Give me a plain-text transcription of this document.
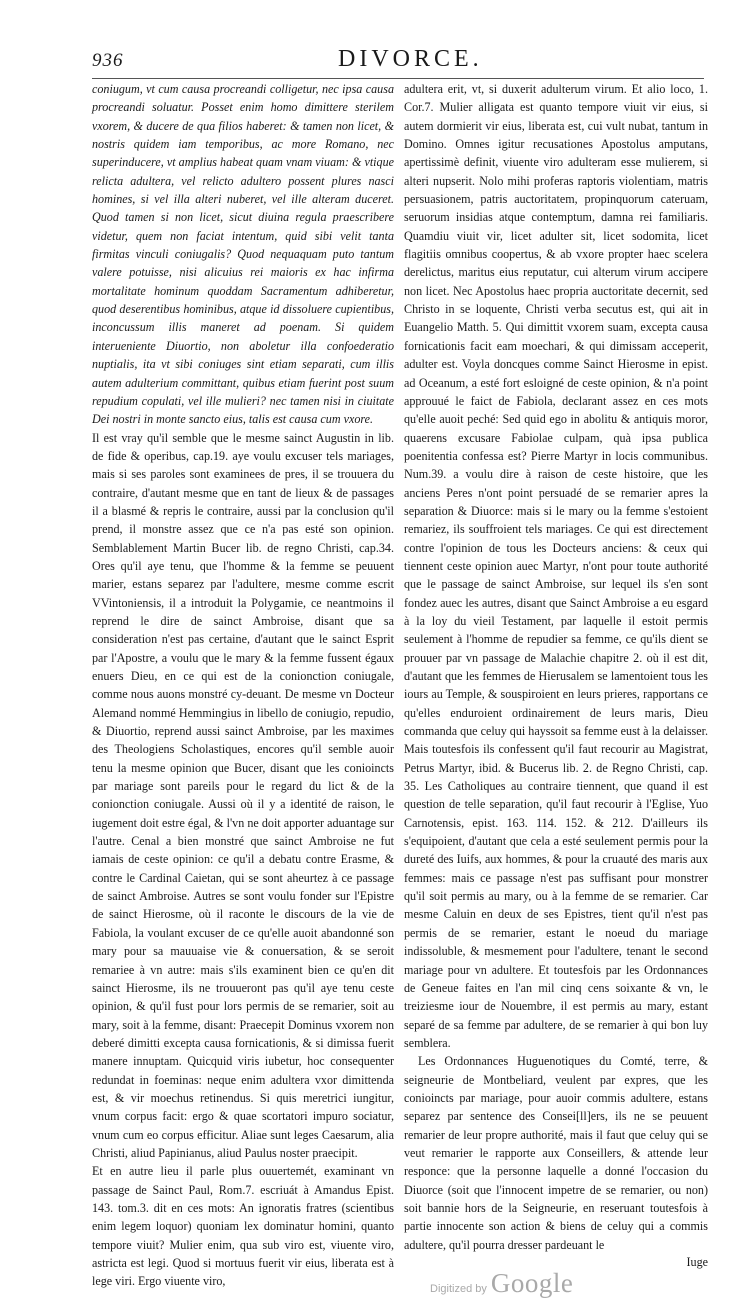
936	DIVORCE.

coniugum, vt cum causa procreandi colligetur, nec ipsa causa procreandi soluatur. Posset enim homo dimittere sterilem vxorem, & ducere de qua filios haberet: & tamen non licet, & nostris quidem iam temporibus, ac more Romano, nec superinducere, vt amplius habeat quam vnam viuam: & vtique relicta adultera, vel relicto adultero possent plures nasci homines, si vel illa alteri nuberet, vel ille alteram duceret. Quod tamen si non licet, sicut diuina regula praescribere videtur, quem non faciat intentum, quid sibi velit tanta firmitas vinculi coniugalis? Quod nequaquam puto tantum valere potuisse, nisi alicuius rei maioris ex hac infirma mortalitate hominum quoddam Sacramentum adhiberetur, quod deserentibus hominibus, atque id dissoluere cupientibus, inconcussum illis maneret ad poenam. Si quidem interueniente Diuortio, non aboletur illa confoederatio nuptialis, ita vt sibi coniuges sint etiam separati, cum illis autem adulterium committant, quibus etiam fuerint post suum repudium copulati, vel ille mulieri? nec tamen nisi in ciuitate Dei nostri in monte sancto eius, talis est causa cum vxore.

Il est vray qu'il semble que le mesme sainct Augustin in lib. de fide & operibus, cap.19. aye voulu excuser tels mariages, mais si ses paroles sont examinees de pres, il se trouuera du contraire, d'autant mesme que en tant de lieux & de passages il a blasmé & repris le contraire, aussi par la conclusion qu'il prend, il monstre assez que ce n'a pas esté son opinion. Semblablement Martin Bucer lib. de regno Christi, cap.34. Ores qu'il aye tenu, que l'homme & la femme se peuuent marier, estans separez par l'adultere, mesme comme escrit VVintoniensis, il a introduit la Polygamie, ce neantmoins il reprend le dire de sainct Ambroise, disant que sa consideration n'est pas certaine, d'autant que le sainct Esprit par l'Apostre, a voulu que le mary & la femme fussent égaux enuers Dieu, en ce qui est de la conionction coniugale, comme nous auons monstré cy-deuant. De mesme vn Docteur Alemand nommé Hemmingius in libello de coniugio, repudio, & Diuortio, reprend aussi sainct Ambroise, par les maximes des Theologiens Scholastiques, encores qu'il semble auoir tenu la mesme opinion que Bucer, disant que les conioincts par mariage sont pareils pour le regard du lict & de la conionction coniugale. Aussi où il y a identité de raison, le iugement doit estre égal, & l'vn ne doit apporter aduantage sur l'autre. Cenal a bien monstré que sainct Ambroise ne fut iamais de ceste opinion: ce qu'il a debatu contre Erasme, & contre le Cardinal Caietan, qui se sont aheurtez à ce passage de sainct Ambroise. Autres se sont voulu fonder sur l'Epistre de sainct Hierosme, où il raconte le discours de la vie de Fabiola, la voulant excuser de ce qu'elle auoit abandonné son mary pour sa mauuaise vie & conuersation, & se seroit remariee à vn autre: mais s'ils examinent bien ce qu'en dit sainct Hierosme, ils ne trouueront pas qu'il aye tenu ceste opinion, & qu'il fust pour lors permis de se remarier, soit au mary, soit à la femme, disant: Praecepit Dominus vxorem non deberé dimitti excepta causa fornicationis, & si dimissa fuerit manere innuptam. Quicquid viris iubetur, hoc consequenter redundat in foeminas: neque enim adultera vxor dimittenda est, & vir moechus retinendus. Si quis meretrici iungitur, vnum corpus facit: ergo & quae scortatori impuro sociatur, vnum cum eo corpus efficitur. Aliae sunt leges Caesarum, alia Christi, aliud Papinianus, aliud Paulus noster praecipit.

Et en autre lieu il parle plus ouuertemét, examinant vn passage de Sainct Paul, Rom.7. escriuát à Amandus Epist. 143. tom.3. dit en ces mots: An ignoratis fratres (scientibus enim legem loquor) quoniam lex dominatur homini, quanto tempore viuit? Mulier enim, qua sub viro est, viuente viro, astricta est legi. Quod si mortuus fuerit vir eius, liberata est à lege viri. Ergo viuente viro,

adultera erit, vt, si duxerit adulterum virum. Et alio loco, 1. Cor.7. Mulier alligata est quanto tempore viuit vir eius, si autem dormierit vir eius, liberata est, cui vult nubat, tantum in Domino. Omnes igitur recusationes Apostolus amputans, apertissimè definit, viuente viro adulteram esse mulierem, si alteri nupserit. Nolo mihi proferas raptoris violentiam, matris persuasionem, patris auctoritatem, propinquorum cateruam, seruorum insidias atque contemptum, damna rei familiaris. Quamdiu viuit vir, licet adulter sit, licet sodomita, licet flagitiis omnibus coopertus, & ab vxore propter haec scelera derelictus, maritus eius reputatur, cui alterum virum accipere non licet. Nec Apostolus haec propria auctoritate decernit, sed Christo in se loquente, Christi verba secutus est, qui ait in Euangelio Matth. 5. Qui dimittit vxorem suam, excepta causa fornicationis facit eam moechari, & qui dimissam acceperit, adulter est. Voyla doncques comme Sainct Hierosme in epist. ad Oceanum, a esté fort esloigné de ceste opinion, & n'a point approuué le faict de Fabiola, declarant assez en ces mots qu'elle auoit peché: Sed quid ego in abolitu & antiquis moror, quaerens excusare Fabiolae culpam, quà ipsa publica poenitentia confessa est? Pierre Martyr in locis communibus. Num.39. a voulu dire à raison de ceste histoire, que les anciens Peres n'ont point persuadé de se remarier apres la separation & Diuorce: mais si le mary ou la femme s'estoient remariez, ils souffroient tels mariages. Ce qui est directement contre l'opinion de tous les Docteurs anciens: & ceux qui tiennent ceste opinion auec Martyr, n'ont pour toute authorité que le passage de sainct Ambroise, sur lequel ils s'en sont fondez auec les autres, disant que Sainct Ambroise a eu esgard à la loy du vieil Testament, par laquelle il estoit permis seulement à l'homme de repudier sa femme, ce qu'ils dient se prouuer par vn passage de Malachie chapitre 2. où il est dit, d'autant que les femmes de Hierusalem se lamentoient tous les iours au Temple, & souspiroient en leurs prieres, rapportans ce qu'elles enduroient ordinairement de leurs maris, Dieu commanda que celuy qui hayssoit sa femme eust à la delaisser. Mais toutesfois ils confessent qu'il faut recourir au Magistrat, Petrus Martyr, ibid. & Bucerus lib. 2. de Regno Christi, cap. 35. Les Catholiques au contraire tiennent, que quand il est question de telle separation, qu'il faut recourir à l'Eglise, Yuo Carnotensis, epist. 163. 114. 152. & 212. D'ailleurs ils s'equipoient, d'autant que cela a esté seulement permis pour la dureté des Iuifs, aux hommes, & pour la cruauté des maris aux femmes: mais ce passage n'est pas suffisant pour monstrer qu'il soit permis au mary, ou à la femme de se remarier. Car mesme Caluin en deux de ses Epistres, tient qu'il n'est pas permis de se remarier, estant le noeud du mariage indissoluble, & mesmement pour l'adultere, tenant le second mariage pour vn adultere. Et toutesfois par les Ordonnances de Geneue faites en l'an mil cinq cens soixante & vn, le treiziesme iour de Nouembre, il est permis au mary, estant separé de sa femme par adultere, de se remarier à qui bon luy semblera.

Les Ordonnances Huguenotiques du Comté, terre, & seigneurie de Montbeliard, veulent par expres, que les conioincts par mariage, pour auoir commis adultere, estans separez par sentence des Consei[ll]ers, ils ne se peuuent remarier de leur propre authorité, mais il faut que celuy qui se veut remarier le rapporte aux Conseillers, & attende leur responce: que la personne laquelle a donné l'occasion du Diuorce (soit que l'innocent impetre de se remarier, ou non) soit bannie hors de la Seigneurie, en reseruant toutesfois à partie innocente son action & biens de celuy qui a commis adultere, qu'il pourra dresser pardeuant le

Iuge

Digitized by Google
